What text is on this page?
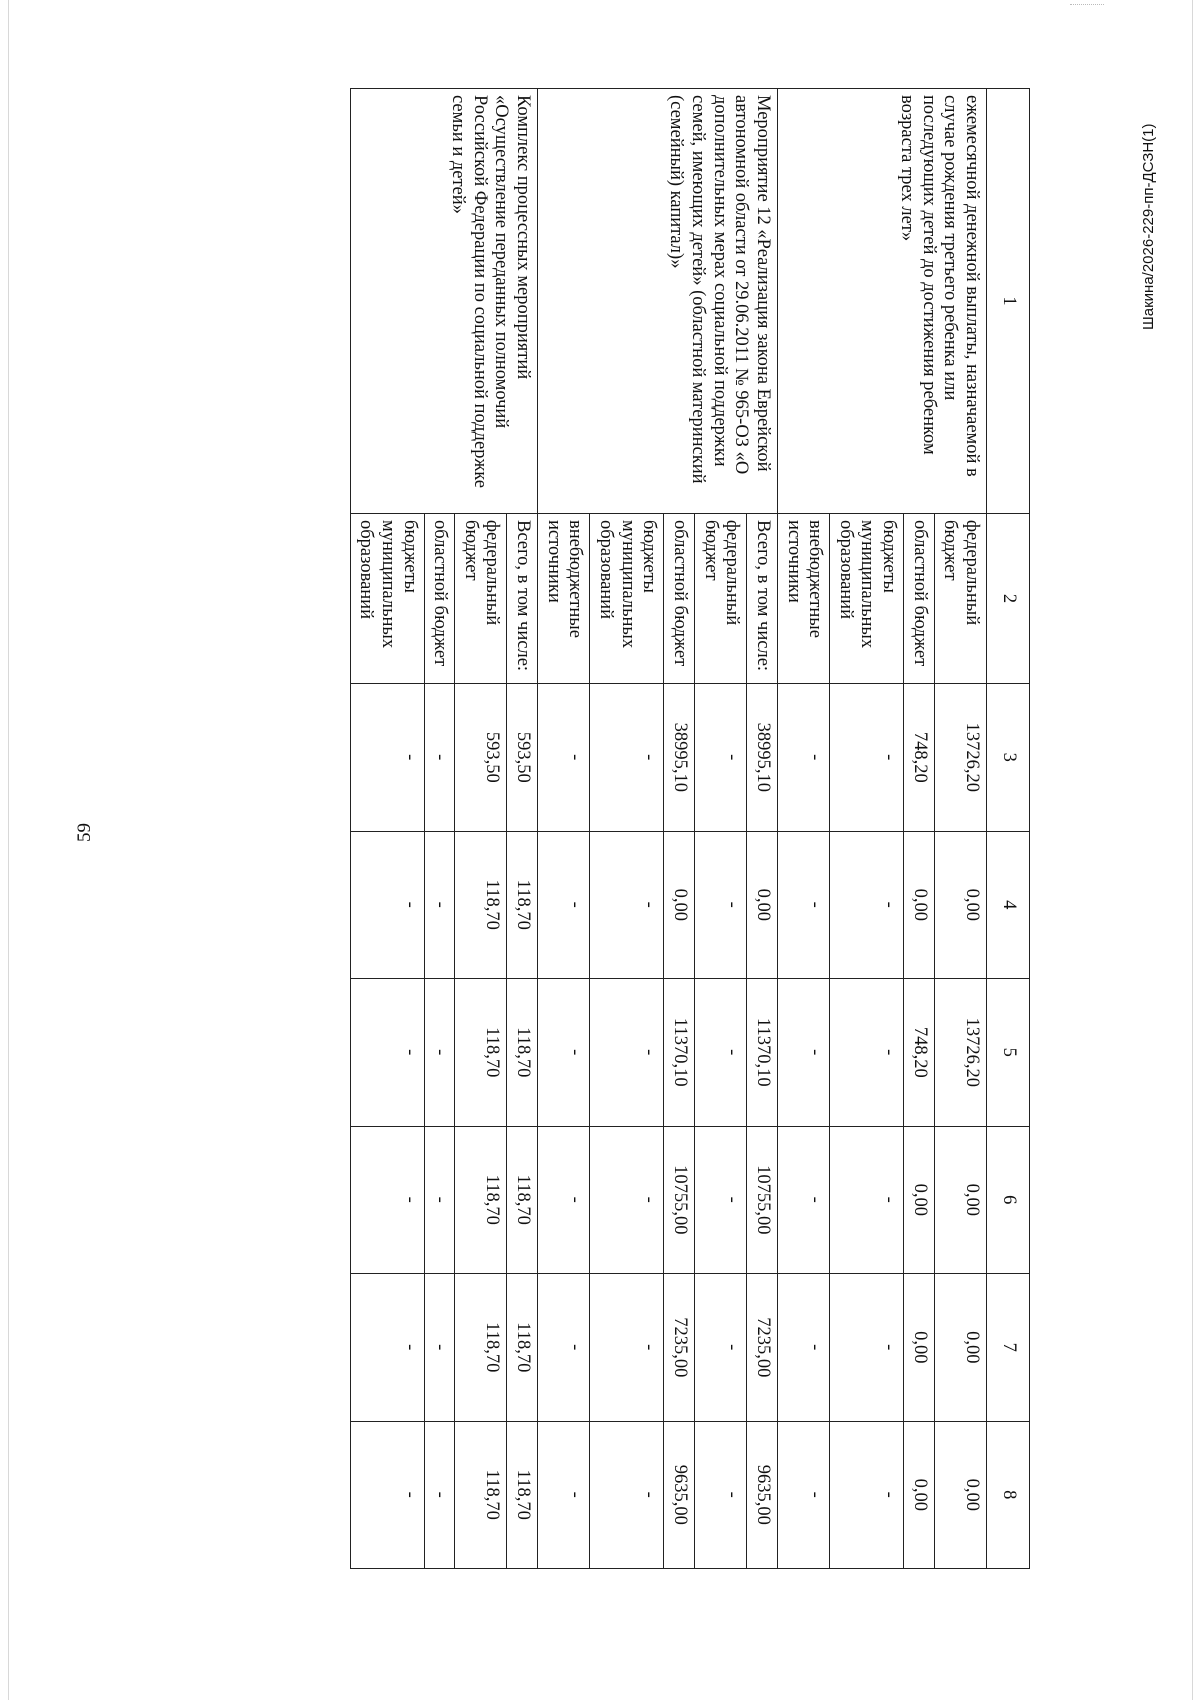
59
Шакина/2026-229-пп-ДСЗН(1)
1	2	3	4	5	6	7	8
ежемесячной денежной выплаты, назначаемой в случае рождения третьего ребенка или последующих детей до достижения ребенком возраста трех лет»	федеральный бюджет	13726,20	0,00	13726,20	0,00	0,00	0,00
	областной бюджет	748,20	0,00	748,20	0,00	0,00	0,00
	бюджеты муниципальных образований	-	-	-	-	-	-
	внебюджетные источники	-	-	-	-	-	-
Мероприятие 12 «Реализация закона Еврейской автономной области от 29.06.2011 № 965-ОЗ «О дополнительных мерах социальной поддержки семей, имеющих детей» (областной материнский (семейный) капитал)»	Всего, в том числе:	38995,10	0,00	11370,10	10755,00	7235,00	9635,00
	федеральный бюджет	-	-	-	-	-	-
	областной бюджет	38995,10	0,00	11370,10	10755,00	7235,00	9635,00
	бюджеты муниципальных образований	-	-	-	-	-	-
	внебюджетные источники	-	-	-	-	-	-
Комплекс процессных мероприятий «Осуществление переданных полномочий Российской Федерации по социальной поддержке семьи и детей»	Всего, в том числе:	593,50	118,70	118,70	118,70	118,70	118,70
	федеральный бюджет	593,50	118,70	118,70	118,70	118,70	118,70
	областной бюджет	-	-	-	-	-	-
	бюджеты муниципальных образований	-	-	-	-	-	-
